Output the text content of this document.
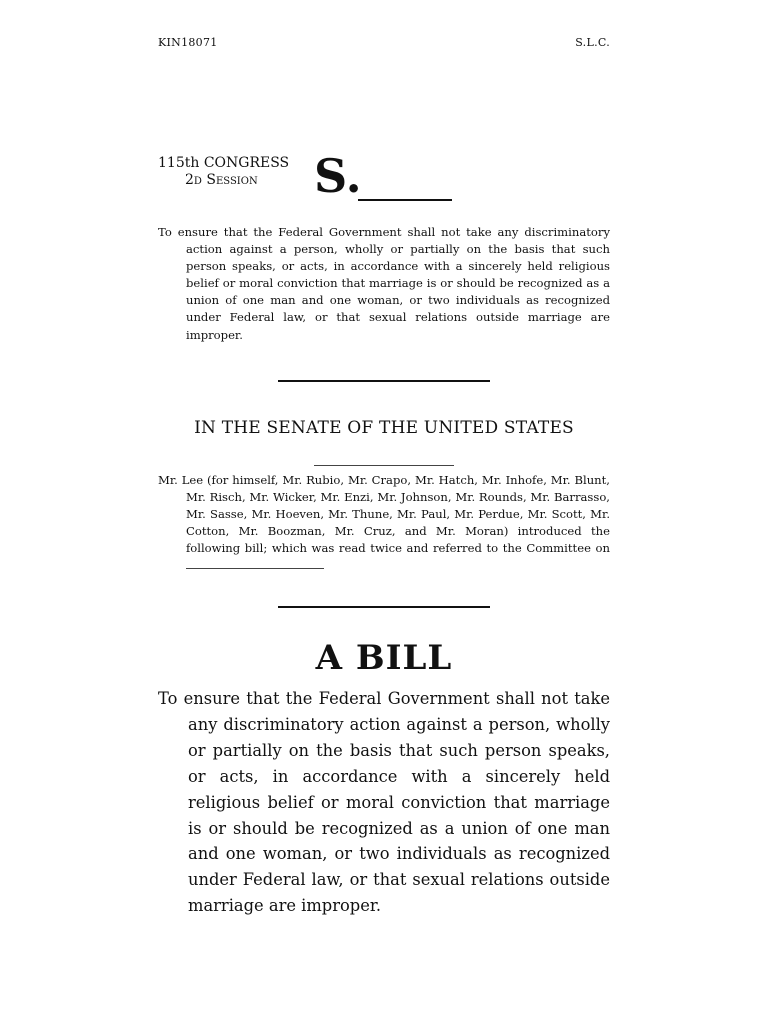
KIN18071	S.L.C.
115th CONGRESS
2d Session	S.
To ensure that the Federal Government shall not take any discriminatory action against a person, wholly or partially on the basis that such person speaks, or acts, in accordance with a sincerely held religious belief or moral conviction that marriage is or should be recognized as a union of one man and one woman, or two individuals as recognized under Federal law, or that sexual relations outside marriage are improper.
IN THE SENATE OF THE UNITED STATES
Mr. Lee (for himself, Mr. Rubio, Mr. Crapo, Mr. Hatch, Mr. Inhofe, Mr. Blunt, Mr. Risch, Mr. Wicker, Mr. Enzi, Mr. Johnson, Mr. Rounds, Mr. Barrasso, Mr. Sasse, Mr. Hoeven, Mr. Thune, Mr. Paul, Mr. Perdue, Mr. Scott, Mr. Cotton, Mr. Boozman, Mr. Cruz, and Mr. Moran) introduced the following bill; which was read twice and referred to the Committee on
A BILL
To ensure that the Federal Government shall not take any discriminatory action against a person, wholly or partially on the basis that such person speaks, or acts, in accordance with a sincerely held religious belief or moral conviction that marriage is or should be recognized as a union of one man and one woman, or two individuals as recognized under Federal law, or that sexual relations outside marriage are improper.
